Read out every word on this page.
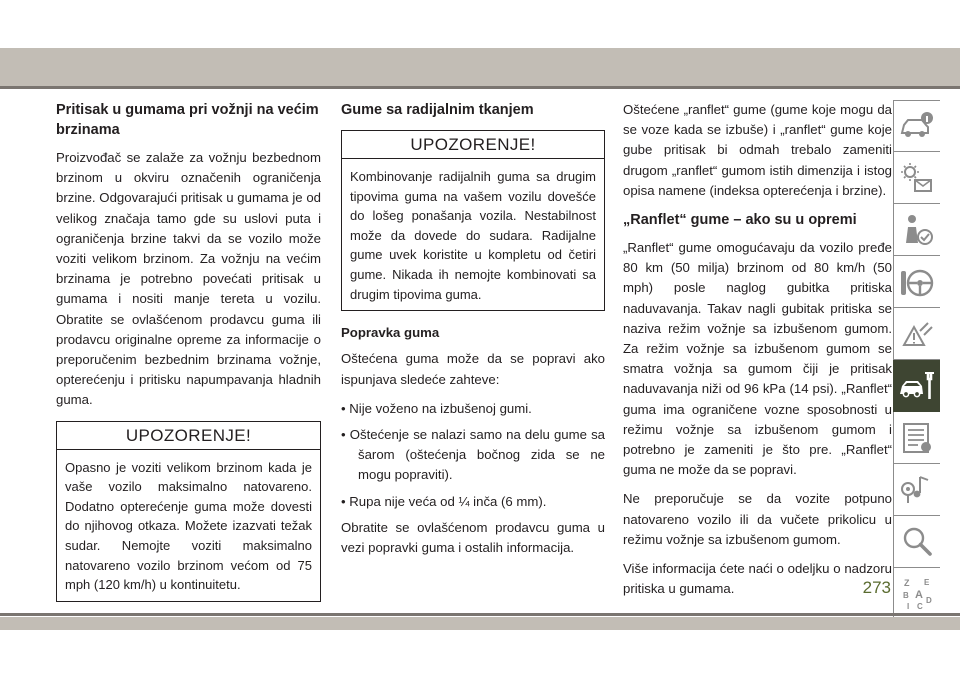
Pritisak u gumama pri vožnji na većim brzinama

Proizvođač se zalaže za vožnju bezbednom brzinom u okviru označenih ograničenja brzine. Odgovarajući pritisak u gumama je od velikog značaja tamo gde su uslovi puta i ograničenja brzine takvi da se vozilo može voziti velikom brzinom. Za vožnju na većim brzinama je potrebno povećati pritisak u gumama i nositi manje tereta u vozilu. Obratite se ovlašćenom prodavcu guma ili prodavcu originalne opreme za informacije o preporučenim bezbednim brzinama vožnje, opterećenju i pritisku napumpavanja hladnih guma.

UPOZORENJE!
Opasno je voziti velikom brzinom kada je vaše vozilo maksimalno natovareno. Dodatno opterećenje guma može dovesti do njihovog otkaza. Možete izazvati težak sudar. Nemojte voziti maksimalno natovareno vozilo brzinom većom od 75 mph (120 km/h) u kontinuitetu.
Gume sa radijalnim tkanjem
UPOZORENJE!
Kombinovanje radijalnih guma sa drugim tipovima guma na vašem vozilu dovešće do lošeg ponašanja vozila. Nestabilnost može da dovede do sudara. Radijalne gume uvek koristite u kompletu od četiri gume. Nikada ih nemojte kombinovati sa drugim tipovima guma.

Popravka guma

Oštećena guma može da se popravi ako ispunjava sledeće zahteve:

• Nije voženo na izbušenoj gumi.

• Oštećenje se nalazi samo na delu gume sa šarom (oštećenja bočnog zida se ne mogu popraviti).

• Rupa nije veća od ¼ inča (6 mm).

Obratite se ovlašćenom prodavcu guma u vezi popravki guma i ostalih informacija.

Oštećene „ranflet“ gume (gume koje mogu da se voze kada se izbuše) i „ranflet“ gume koje gube pritisak bi odmah trebalo zameniti drugom „ranflet“ gumom istih dimenzija i istog opisa namene (indeksa opterećenja i brzine).

„Ranflet“ gume – ako su u opremi

„Ranflet“ gume omogućavaju da vozilo pređe 80 km (50 milja) brzinom od 80 km/h (50 mph) posle naglog gubitka pritiska naduvavanja. Takav nagli gubitak pritiska se naziva režim vožnje sa izbušenom gumom. Za režim vožnje sa izbušenom gumom se smatra vožnja sa gumom čiji je pritisak naduvavanja niži od 96 kPa (14 psi). „Ranflet“ guma ima ograničene vozne sposobnosti u režimu vožnje sa izbušenom gumom i potrebno je zameniti je što pre. „Ranflet“ guma ne može da se popravi.

Ne preporučuje se da vozite potpuno natovareno vozilo ili da vučete prikolicu u režimu vožnje sa izbušenom gumom.

Više informacija ćete naći o odeljku o nadzoru pritiska u gumama.	Z E
B A
I C
D
273
